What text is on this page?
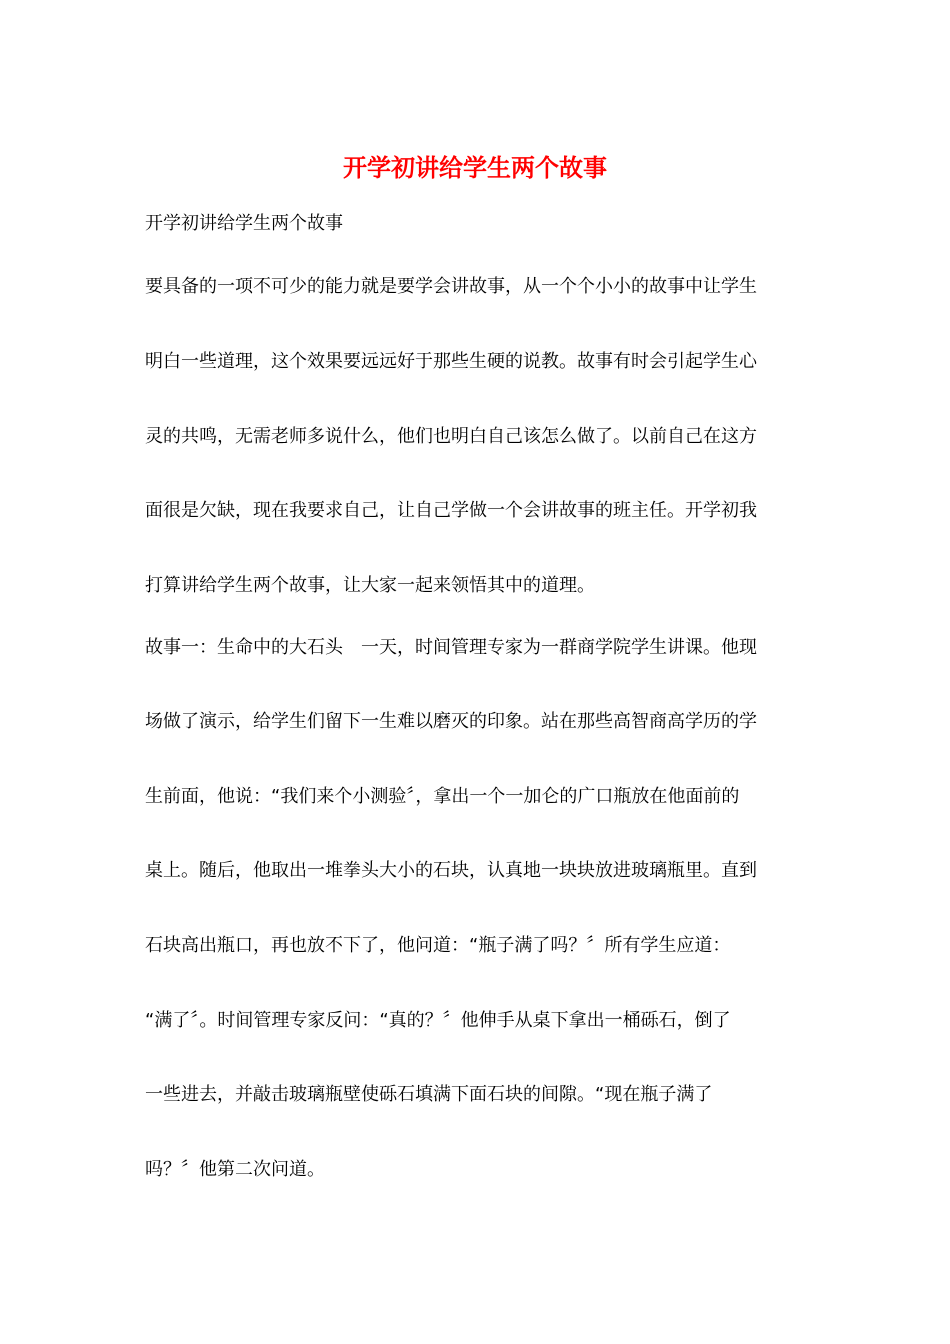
开学初讲给学生两个故事

开学初讲给学生两个故事

要具备的一项不可少的能力就是要学会讲故事，从一个个小小的故事中让学生

明白一些道理，这个效果要远远好于那些生硬的说教。故事有时会引起学生心

灵的共鸣，无需老师多说什么，他们也明白自己该怎么做了。以前自己在这方

面很是欠缺，现在我要求自己，让自己学做一个会讲故事的班主任。开学初我

打算讲给学生两个故事，让大家一起来领悟其中的道理。

故事一：生命中的大石头　一天，时间管理专家为一群商学院学生讲课。他现

场做了演示，给学生们留下一生难以磨灭的印象。站在那些高智商高学历的学

生前面，他说：“我们来个小测验〞，拿出一个一加仑的广口瓶放在他面前的

桌上。随后，他取出一堆拳头大小的石块，认真地一块块放进玻璃瓶里。直到

石块高出瓶口，再也放不下了，他问道：“瓶子满了吗？〞所有学生应道：

“满了〞。时间管理专家反问：“真的？〞他伸手从桌下拿出一桶砾石，倒了

一些进去，并敲击玻璃瓶壁使砾石填满下面石块的间隙。“现在瓶子满了

吗？〞他第二次问道。
